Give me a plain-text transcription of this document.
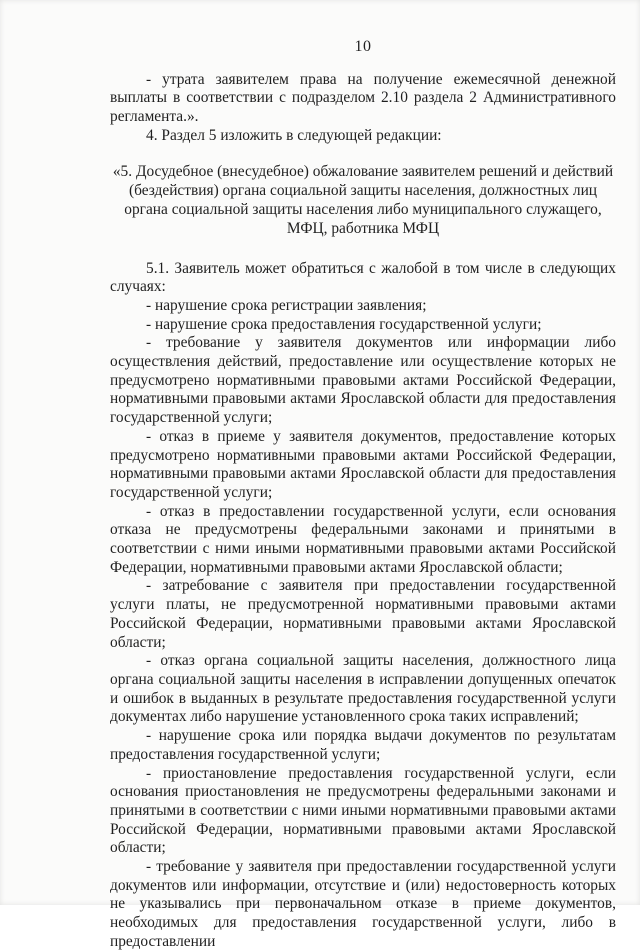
10

- утрата заявителем права на получение ежемесячной денежной выплаты в соответствии с подразделом 2.10 раздела 2 Административного регламента.».

4. Раздел 5 изложить в следующей редакции:

«5. Досудебное (внесудебное) обжалование заявителем решений и действий
(бездействия) органа социальной защиты населения, должностных лиц
органа социальной защиты населения либо муниципального служащего,
МФЦ, работника МФЦ

5.1. Заявитель может обратиться с жалобой в том числе в следующих случаях:

- нарушение срока регистрации заявления;

- нарушение срока предоставления государственной услуги;

- требование у заявителя документов или информации либо осуществления действий, предоставление или осуществление которых не предусмотрено нормативными правовыми актами Российской Федерации, нормативными правовыми актами Ярославской области для предоставления государственной услуги;

- отказ в приеме у заявителя документов, предоставление которых предусмотрено нормативными правовыми актами Российской Федерации, нормативными правовыми актами Ярославской области для предоставления государственной услуги;

- отказ в предоставлении государственной услуги, если основания отказа не предусмотрены федеральными законами и принятыми в соответствии с ними иными нормативными правовыми актами Российской Федерации, нормативными правовыми актами Ярославской области;

- затребование с заявителя при предоставлении государственной услуги платы, не предусмотренной нормативными правовыми актами Российской Федерации, нормативными правовыми актами Ярославской области;

- отказ органа социальной защиты населения, должностного лица органа социальной защиты населения в исправлении допущенных опечаток и ошибок в выданных в результате предоставления государственной услуги документах либо нарушение установленного срока таких исправлений;

- нарушение срока или порядка выдачи документов по результатам предоставления государственной услуги;

- приостановление предоставления государственной услуги, если основания приостановления не предусмотрены федеральными законами и принятыми в соответствии с ними иными нормативными правовыми актами Российской Федерации, нормативными правовыми актами Ярославской области;

- требование у заявителя при предоставлении государственной услуги документов или информации, отсутствие и (или) недостоверность которых не указывались при первоначальном отказе в приеме документов, необходимых для предоставления государственной услуги, либо в предоставлении
